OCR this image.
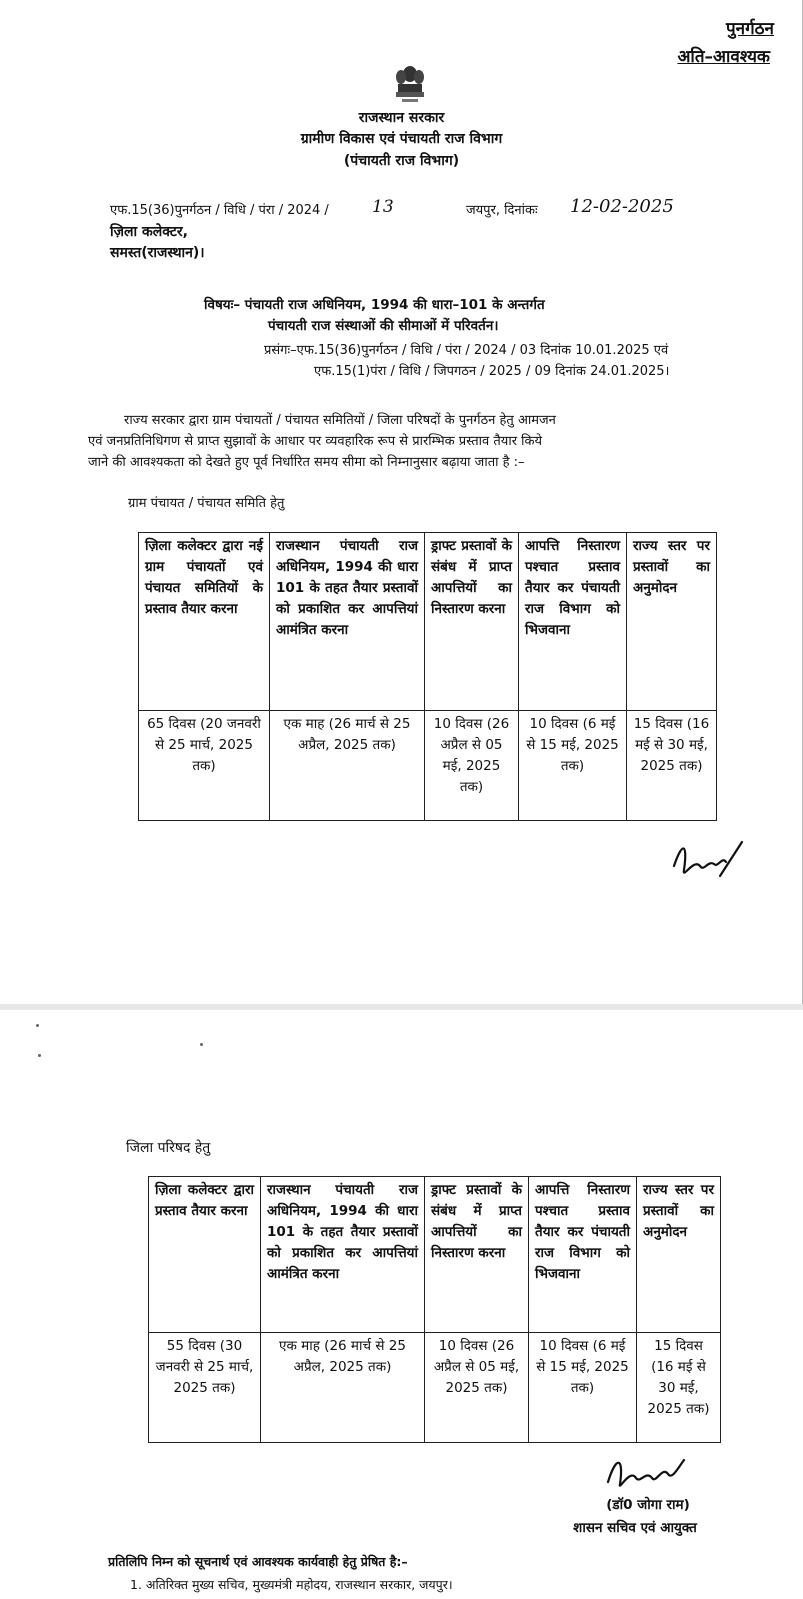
पुनर्गठन
अति–आवश्यक
राजस्थान सरकार
ग्रामीण विकास एवं पंचायती राज विभाग
(पंचायती राज विभाग)
एफ.15(36)पुनर्गठन / विधि / पंरा / 2024 /	13	जयपुर, दिनांकः 12-02-2025
ज़िला कलेक्टर,
समस्त(राजस्थान)।
विषयः– पंचायती राज अधिनियम, 1994 की धारा–101 के अन्तर्गत
पंचायती राज संस्थाओं की सीमाओं में परिवर्तन।
प्रसंगः–एफ.15(36)पुनर्गठन / विधि / पंरा / 2024 / 03 दिनांक 10.01.2025 एवं
एफ.15(1)पंरा / विधि / जिपगठन / 2025 / 09 दिनांक 24.01.2025।
राज्य सरकार द्वारा ग्राम पंचायतों / पंचायत समितियों / जिला परिषदों के पुनर्गठन हेतु आमजन
एवं जनप्रतिनिधिगण से प्राप्त सुझावों के आधार पर व्यवहारिक रूप से प्रारम्भिक प्रस्ताव तैयार किये
जाने की आवश्यकता को देखते हुए पूर्व निर्धारित समय सीमा को निम्नानुसार बढ़ाया जाता है :–
ग्राम पंचायत / पंचायत समिति हेतु
ज़िला कलेक्टर द्वारा नई ग्राम पंचायतों एवं पंचायत समितियों के प्रस्ताव तैयार करना	राजस्थान पंचायती राज अधिनियम, 1994 की धारा 101 के तहत तैयार प्रस्तावों को प्रकाशित कर आपत्तियां आमंत्रित करना	ड्राफ्ट प्रस्तावों के संबंध में प्राप्त आपत्तियों का निस्तारण करना	आपत्ति निस्तारण पश्चात प्रस्ताव तैयार कर पंचायती राज विभाग को भिजवाना	राज्य स्तर पर प्रस्तावों का अनुमोदन
65 दिवस (20 जनवरी से 25 मार्च, 2025 तक)	एक माह (26 मार्च से 25 अप्रैल, 2025 तक)	10 दिवस (26 अप्रैल से 05 मई, 2025 तक)	10 दिवस (6 मई से 15 मई, 2025 तक)	15 दिवस (16 मई से 30 मई, 2025 तक)
जिला परिषद हेतु
ज़िला कलेक्टर द्वारा प्रस्ताव तैयार करना	राजस्थान पंचायती राज अधिनियम, 1994 की धारा 101 के तहत तैयार प्रस्तावों को प्रकाशित कर आपत्तियां आमंत्रित करना	ड्राफ्ट प्रस्तावों के संबंध में प्राप्त आपत्तियों का निस्तारण करना	आपत्ति निस्तारण पश्चात प्रस्ताव तैयार कर पंचायती राज विभाग को भिजवाना	राज्य स्तर पर प्रस्तावों का अनुमोदन
55 दिवस (30 जनवरी से 25 मार्च, 2025 तक)	एक माह (26 मार्च से 25 अप्रैल, 2025 तक)	10 दिवस (26 अप्रैल से 05 मई, 2025 तक)	10 दिवस (6 मई से 15 मई, 2025 तक)	15 दिवस (16 मई से 30 मई, 2025 तक)
(डॉ0 जोगा राम)
शासन सचिव एवं आयुक्त
प्रतिलिपि निम्न को सूचनार्थ एवं आवश्यक कार्यवाही हेतु प्रेषित है:–
1. अतिरिक्त मुख्य सचिव, मुख्यमंत्री महोदय, राजस्थान सरकार, जयपुर।
